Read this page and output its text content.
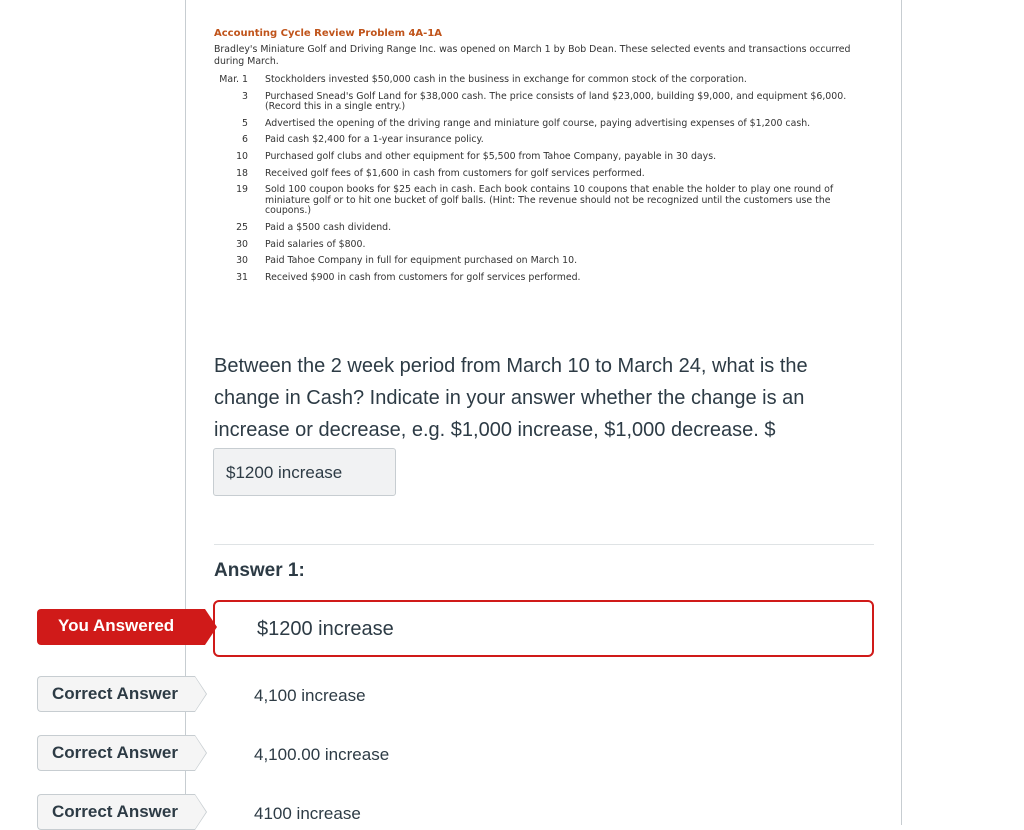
Accounting Cycle Review Problem 4A-1A
Bradley's Miniature Golf and Driving Range Inc. was opened on March 1 by Bob Dean. These selected events and transactions occurred during March.
Mar. 1	Stockholders invested $50,000 cash in the business in exchange for common stock of the corporation.
3	Purchased Snead's Golf Land for $38,000 cash. The price consists of land $23,000, building $9,000, and equipment $6,000. (Record this in a single entry.)
5	Advertised the opening of the driving range and miniature golf course, paying advertising expenses of $1,200 cash.
6	Paid cash $2,400 for a 1-year insurance policy.
10	Purchased golf clubs and other equipment for $5,500 from Tahoe Company, payable in 30 days.
18	Received golf fees of $1,600 in cash from customers for golf services performed.
19	Sold 100 coupon books for $25 each in cash. Each book contains 10 coupons that enable the holder to play one round of miniature golf or to hit one bucket of golf balls. (Hint: The revenue should not be recognized until the customers use the coupons.)
25	Paid a $500 cash dividend.
30	Paid salaries of $800.
30	Paid Tahoe Company in full for equipment purchased on March 10.
31	Received $900 in cash from customers for golf services performed.
Between the 2 week period from March 10 to March 24, what is the change in Cash? Indicate in your answer whether the change is an increase or decrease, e.g. $1,000 increase, $1,000 decrease. $
$1200 increase
Answer 1:
You Answered	$1200 increase
Correct Answer	4,100 increase
Correct Answer	4,100.00 increase
Correct Answer	4100 increase
